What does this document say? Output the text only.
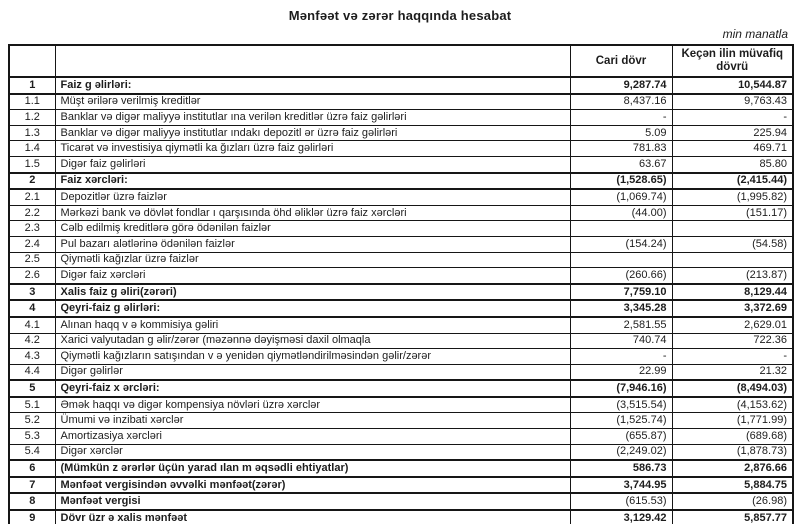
Mənfəət və zərər haqqında hesabat
min manatla
		Cari dövr	Keçən ilin müvafiq dövrü
1	Faiz g əlirləri:	9,287.74	10,544.87
1.1	Müşt ərilərə verilmiş kreditlər	8,437.16	9,763.43
1.2	Banklar və digər maliyyə institutlar ına verilən kreditlər üzrə faiz gəlirləri	-	-
1.3	Banklar və digər maliyyə institutlar ındakı depozitl ər üzrə faiz gəlirləri	5.09	225.94
1.4	Ticarət və investisiya qiymətli ka ğızları üzrə faiz gəlirləri	781.83	469.71
1.5	Digər faiz gəlirləri	63.67	85.80
2	Faiz xərcləri:	(1,528.65)	(2,415.44)
2.1	Depozitlər üzrə faizlər	(1,069.74)	(1,995.82)
2.2	Mərkəzi bank və dövlət fondlar ı qarşısında öhd əliklər üzrə faiz xərcləri	(44.00)	(151.17)
2.3	Cəlb edilmiş kreditlərə görə ödənilən faizlər		
2.4	Pul bazarı alətlərinə ödənilən faizlər	(154.24)	(54.58)
2.5	Qiymətli kağızlar üzrə faizlər		
2.6	Digər faiz xərcləri	(260.66)	(213.87)
3	Xalis faiz g əliri(zərəri)	7,759.10	8,129.44
4	Qeyri-faiz g əlirləri:	3,345.28	3,372.69
4.1	Alınan haqq v ə kommisiya gəliri	2,581.55	2,629.01
4.2	Xarici valyutadan g əlir/zərər (məzənnə dəyişməsi daxil olmaqla	740.74	722.36
4.3	Qiymətli kağızların satışından v ə yenidən qiymətləndirilməsindən gəlir/zərər	-	-
4.4	Digər gəlirlər	22.99	21.32
5	Qeyri-faiz x ərcləri:	(7,946.16)	(8,494.03)
5.1	Əmək haqqı və digər kompensiya növləri üzrə xərclər	(3,515.54)	(4,153.62)
5.2	Ümumi və inzibati xərclər	(1,525.74)	(1,771.99)
5.3	Amortizasiya xərcləri	(655.87)	(689.68)
5.4	Digər xərclər	(2,249.02)	(1,878.73)
6	(Mümkün z ərərlər üçün yarad ılan m əqsədli ehtiyatlar)	586.73	2,876.66
7	Mənfəət vergisindən əvvəlki mənfəət(zərər)	3,744.95	5,884.75
8	Mənfəət vergisi	(615.53)	(26.98)
9	Dövr üzr ə xalis mənfəət	3,129.42	5,857.77
